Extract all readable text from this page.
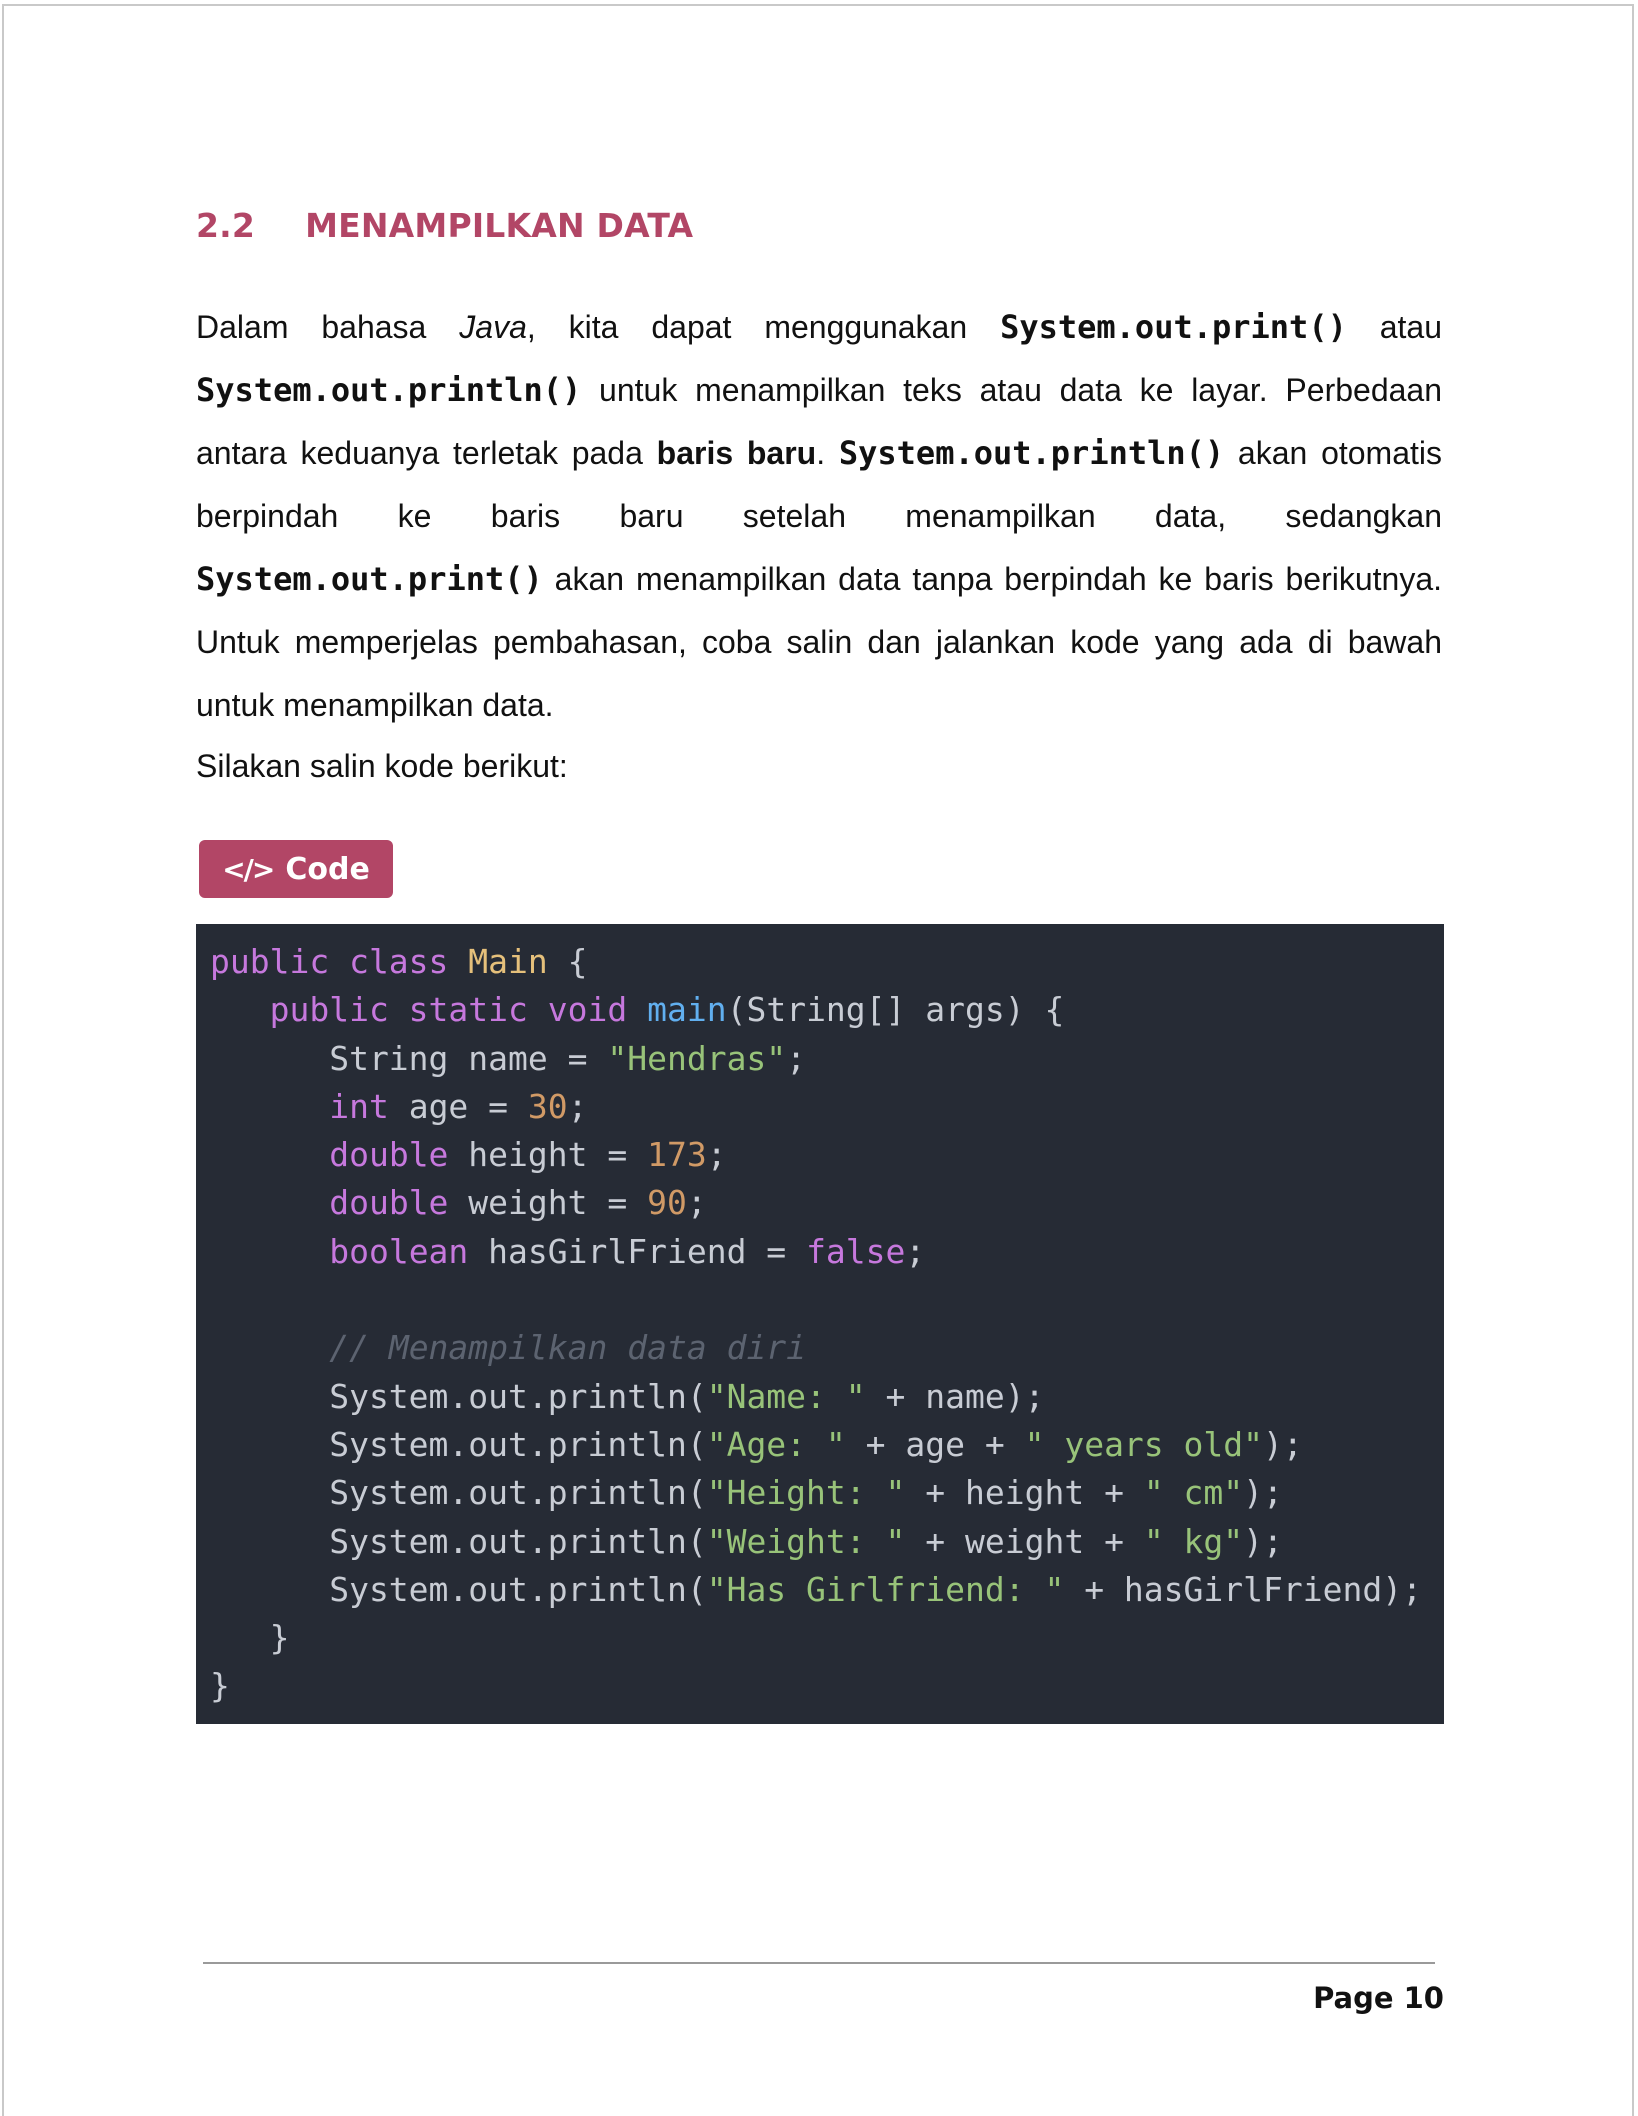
2.2 MENAMPILKAN DATA

Dalam bahasa Java, kita dapat menggunakan System.out.print() atau System.out.println() untuk menampilkan teks atau data ke layar. Perbedaan antara keduanya terletak pada baris baru. System.out.println() akan otomatis berpindah ke baris baru setelah menampilkan data, sedangkan System.out.print() akan menampilkan data tanpa berpindah ke baris berikutnya. Untuk memperjelas pembahasan, coba salin dan jalankan kode yang ada di bawah untuk menampilkan data.

Silakan salin kode berikut:

</> Code
public class Main {
public static void main(String[] args) {
String name = "Hendras";
int age = 30;
double height = 173;
double weight = 90;
boolean hasGirlFriend = false;
// Menampilkan data diri
System.out.println("Name: " + name);
System.out.println("Age: " + age + " years old");
System.out.println("Height: " + height + " cm");
System.out.println("Weight: " + weight + " kg");
System.out.println("Has Girlfriend: " + hasGirlFriend);
}
}
Page 10
